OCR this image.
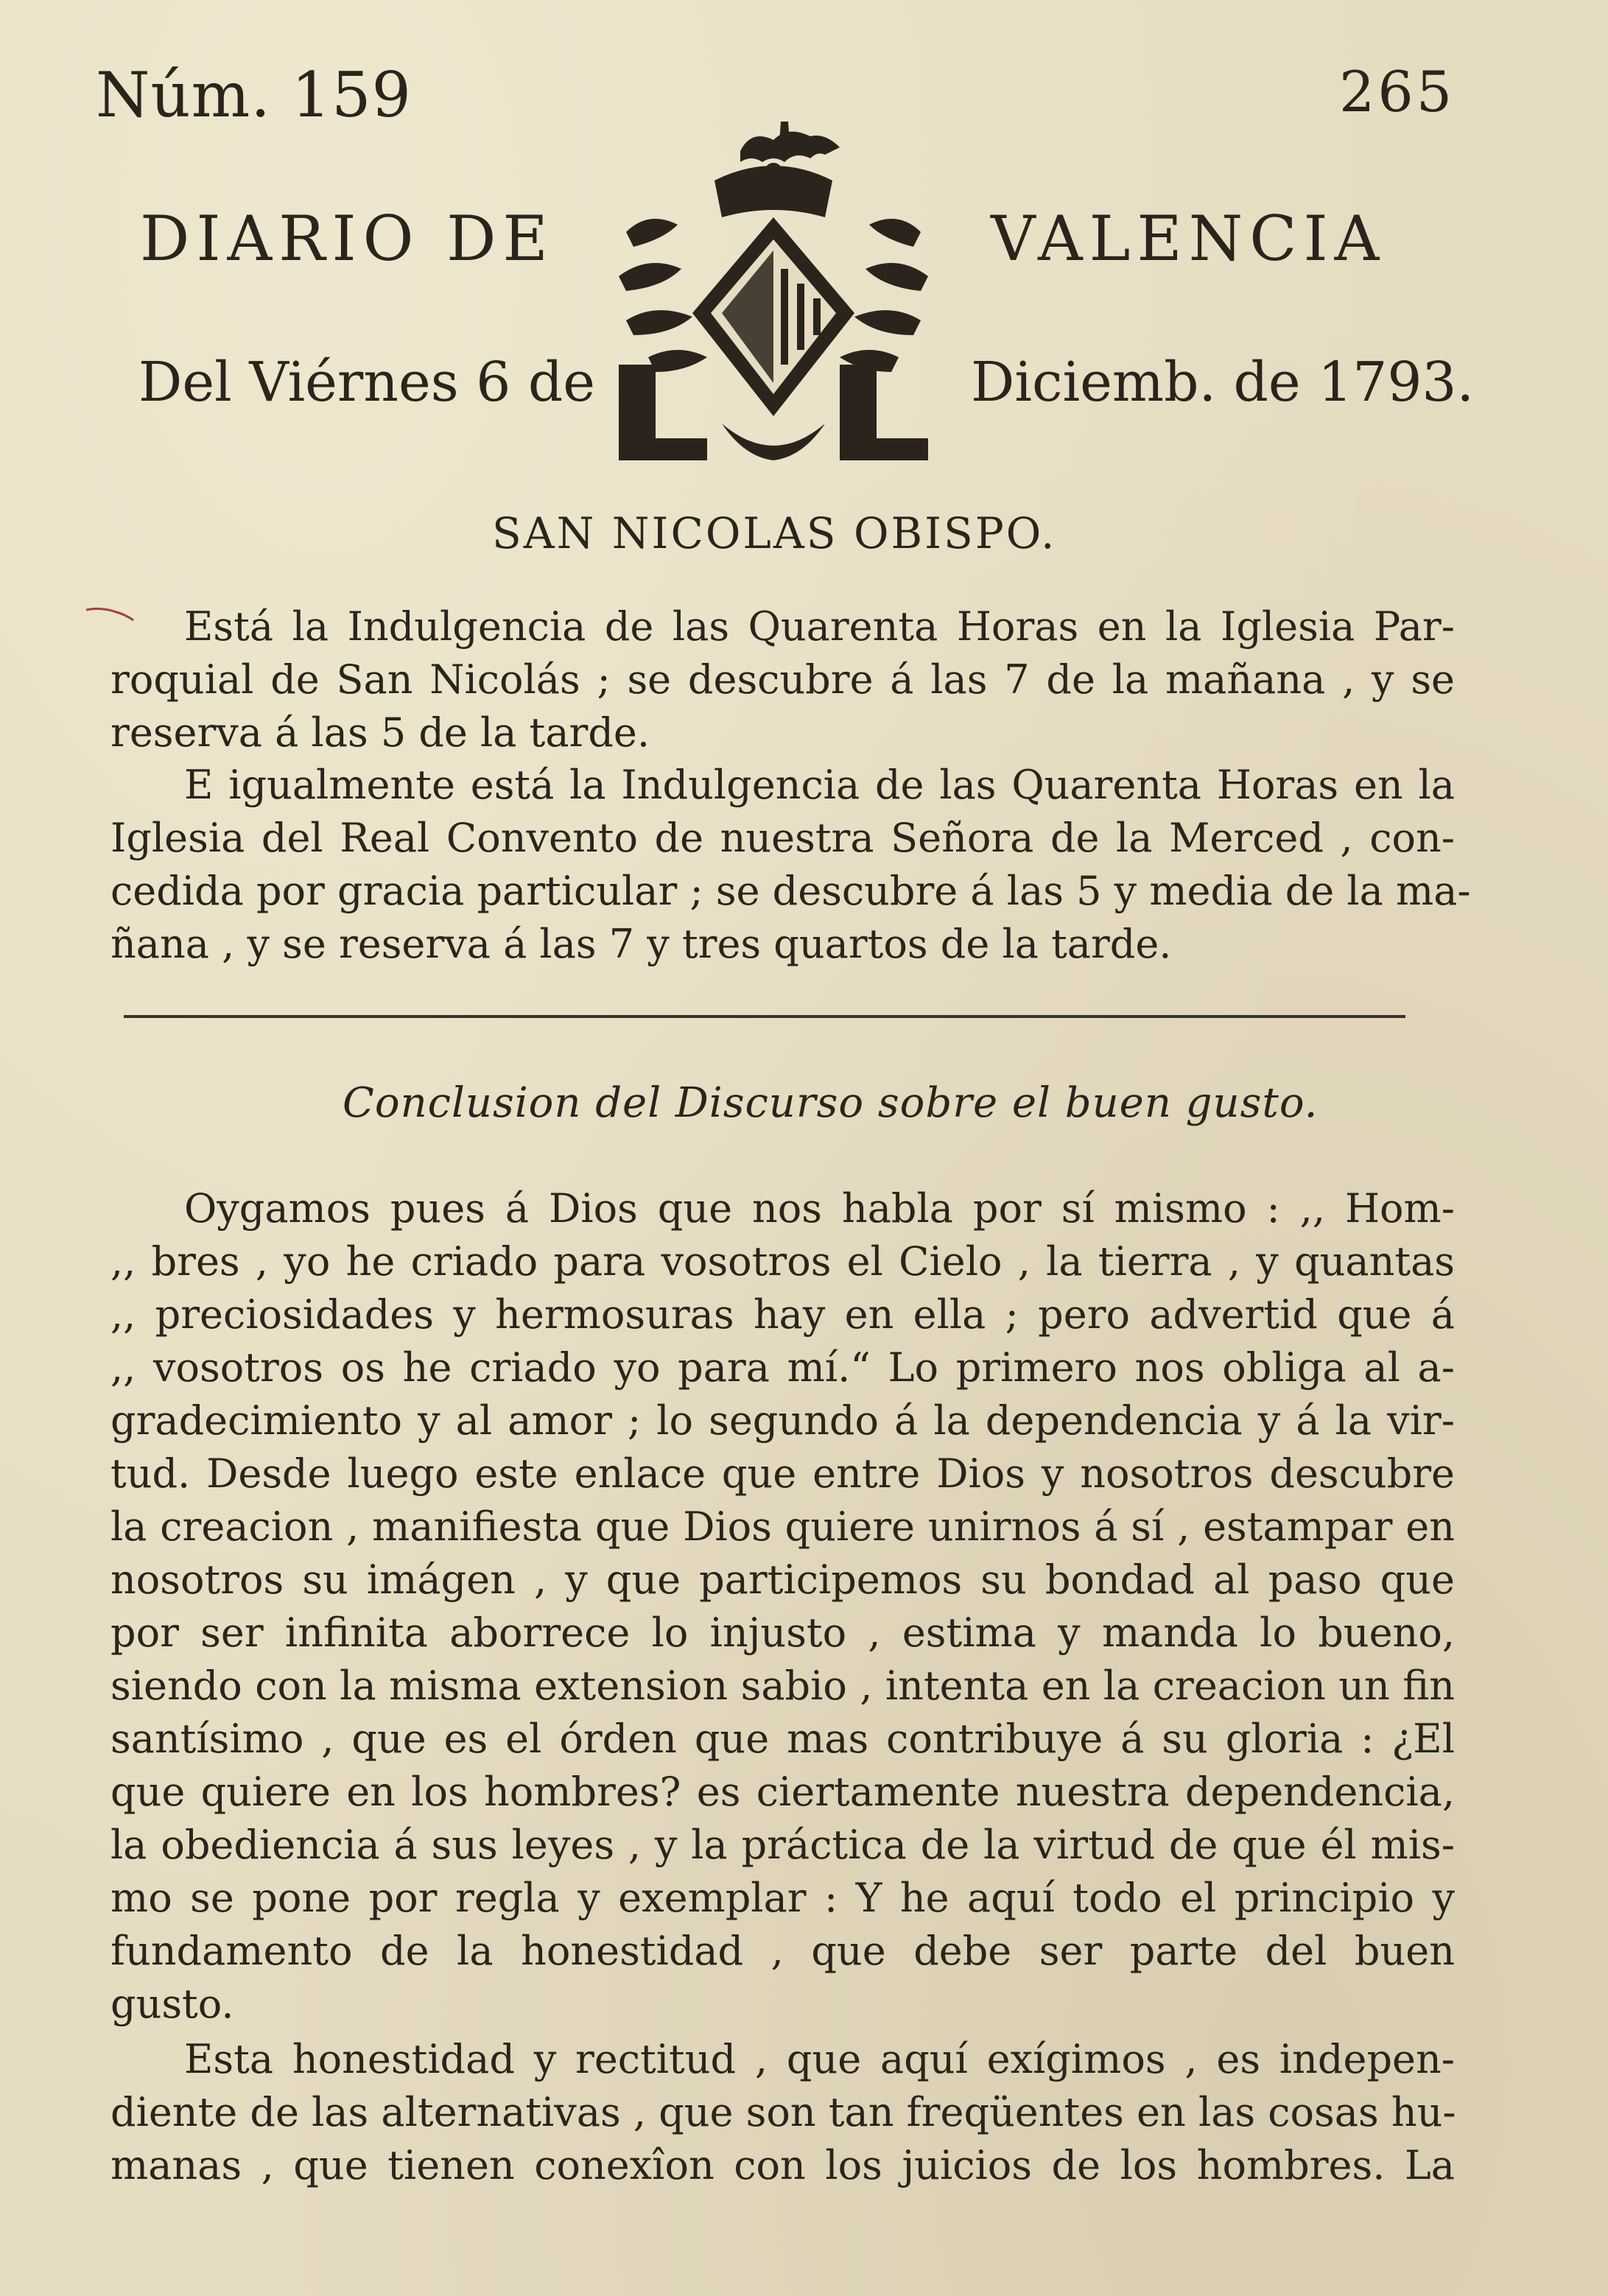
Núm. 159	265
DIARIO DE	VALENCIA
Del Viérnes 6 de	Diciemb. de 1793.
SAN NICOLAS OBISPO.
Está la Indulgencia de las Quarenta Horas en la Iglesia Par-
roquial de San Nicolás ; se descubre á las 7 de la mañana , y se
reserva á las 5 de la tarde.
E igualmente está la Indulgencia de las Quarenta Horas en la
Iglesia del Real Convento de nuestra Señora de la Merced , con-
cedida por gracia particular ; se descubre á las 5 y media de la ma-
ñana , y se reserva á las 7 y tres quartos de la tarde.
Conclusion del Discurso sobre el buen gusto.
Oygamos pues á Dios que nos habla por sí mismo : ,, Hom-
,, bres , yo he criado para vosotros el Cielo , la tierra , y quantas
,, preciosidades y hermosuras hay en ella ; pero advertid que á
,, vosotros os he criado yo para mí.“ Lo primero nos obliga al a-
gradecimiento y al amor ; lo segundo á la dependencia y á la vir-
tud. Desde luego este enlace que entre Dios y nosotros descubre
la creacion , manifiesta que Dios quiere unirnos á sí , estampar en
nosotros su imágen , y que participemos su bondad al paso que
por ser infinita aborrece lo injusto , estima y manda lo bueno,
siendo con la misma extension sabio , intenta en la creacion un fin
santísimo , que es el órden que mas contribuye á su gloria : ¿El
que quiere en los hombres? es ciertamente nuestra dependencia,
la obediencia á sus leyes , y la práctica de la virtud de que él mis-
mo se pone por regla y exemplar : Y he aquí todo el principio y
fundamento de la honestidad , que debe ser parte del buen
gusto.
Esta honestidad y rectitud , que aquí exígimos , es indepen-
diente de las alternativas , que son tan freqüentes en las cosas hu-
manas , que tienen conexîon con los juicios de los hombres. La
